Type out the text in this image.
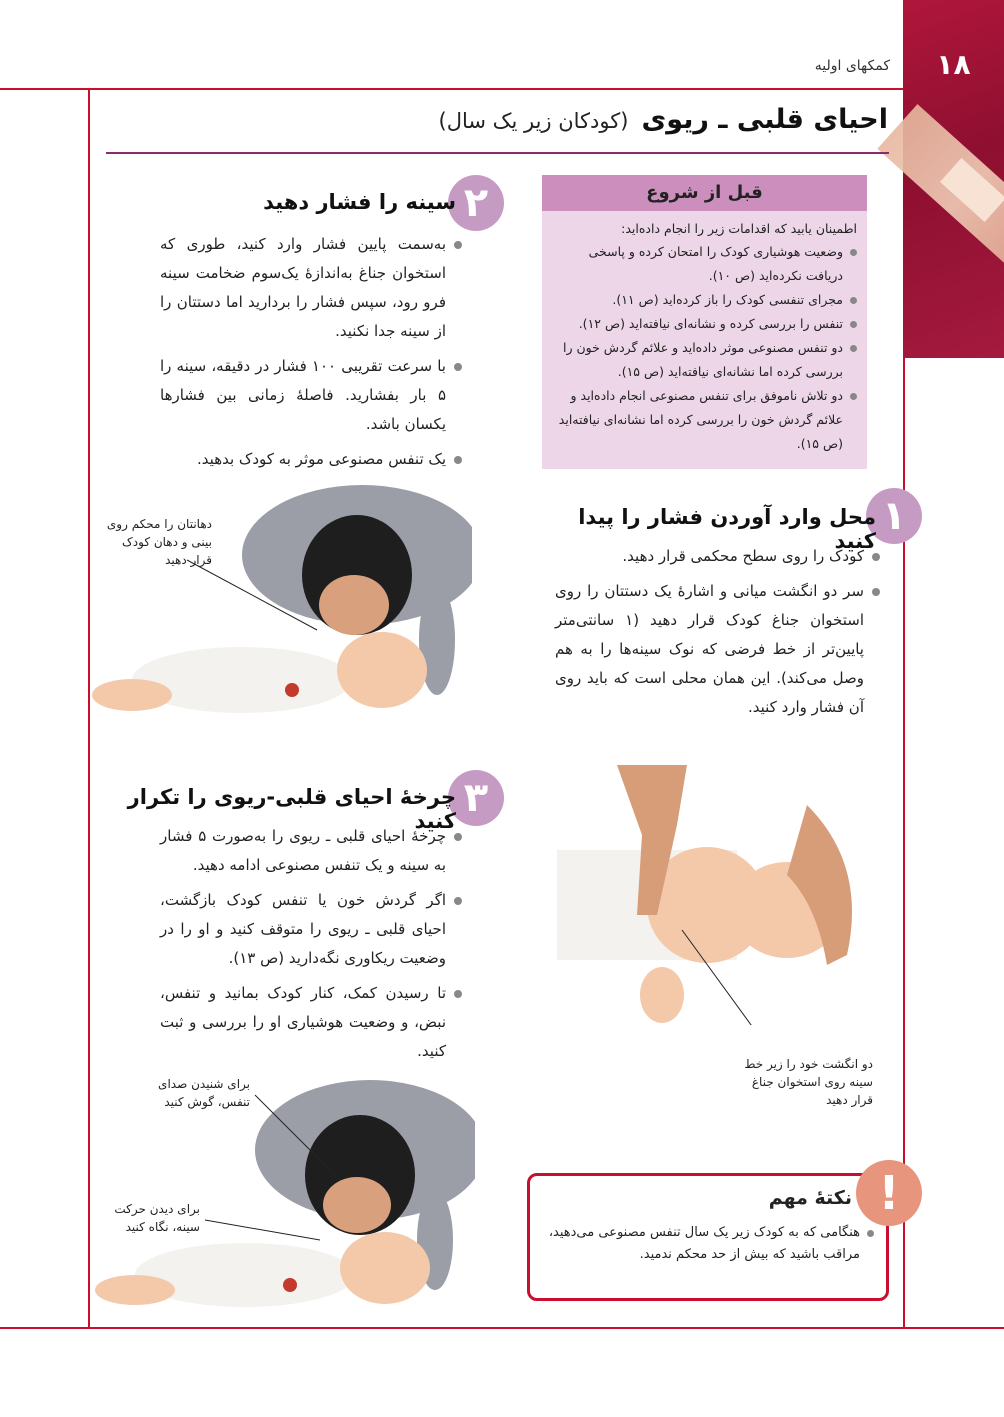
۱۸
کمکهای اولیه
احیای قلبی ـ ریوی (کودکان زیر یک سال)
قبل از شروع
اطمینان یابید که اقدامات زیر را انجام داده‌اید:
وضعیت هوشیاری کودک را امتحان کرده و پاسخی دریافت نکرده‌اید (ص ۱۰).
مجرای تنفسی کودک را باز کرده‌اید (ص ۱۱).
تنفس را بررسی کرده و نشانه‌ای نیافته‌اید (ص ۱۲).
دو تنفس مصنوعی موثر داده‌اید و علائم گردش خون را بررسی کرده اما نشانه‌ای نیافته‌اید (ص ۱۵).
دو تلاش ناموفق برای تنفس مصنوعی انجام داده‌اید و علائم گردش خون را بررسی کرده اما نشانه‌ای نیافته‌اید (ص ۱۵).
۲
سینه را فشار دهید
به‌سمت پایین فشار وارد کنید، طوری که استخوان جناغ به‌اندازهٔ یک‌سوم ضخامت سینه فرو رود، سپس فشار را بردارید اما دستتان را از سینه جدا نکنید.
با سرعت تقریبی ۱۰۰ فشار در دقیقه، سینه را ۵ بار بفشارید. فاصلهٔ زمانی بین فشارها یکسان باشد.
یک تنفس مصنوعی موثر به کودک بدهید.
دهانتان را محکم روی بینی و دهان کودک قرار دهید
۱
محل وارد آوردن فشار را پیدا کنید
کودک را روی سطح محکمی قرار دهید.
سر دو انگشت میانی و اشارهٔ یک دستتان را روی استخوان جناغ کودک قرار دهید (۱ سانتی‌متر پایین‌تر از خط فرضی که نوک سینه‌ها را به هم وصل می‌کند). این همان محلی است که باید روی آن فشار وارد کنید.
دو انگشت خود را زیر خط سینه روی استخوان جناغ قرار دهید
۳
چرخهٔ احیای قلبی-ریوی را تکرار کنید
چرخهٔ احیای قلبی ـ ریوی را به‌صورت ۵ فشار به سینه و یک تنفس مصنوعی ادامه دهید.
اگر گردش خون یا تنفس کودک بازگشت، احیای قلبی ـ ریوی را متوقف کنید و او را در وضعیت ریکاوری نگه‌دارید (ص ۱۳).
تا رسیدن کمک، کنار کودک بمانید و تنفس، نبض، و وضعیت هوشیاری او را بررسی و ثبت کنید.
برای شنیدن صدای تنفس، گوش کنید
برای دیدن حرکت سینه، نگاه کنید
!
نکتهٔ مهم
هنگامی که به کودک زیر یک سال تنفس مصنوعی می‌دهید، مراقب باشید که بیش از حد محکم ندمید.
